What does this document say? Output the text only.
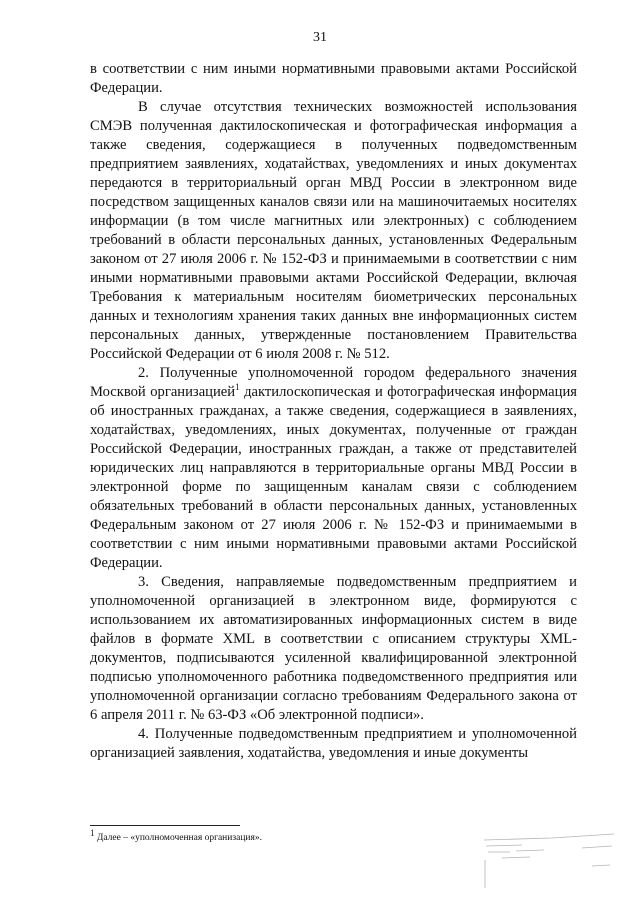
31

в соответствии с ним иными нормативными правовыми актами Российской Федерации.

В случае отсутствия технических возможностей использования СМЭВ полученная дактилоскопическая и фотографическая информация а также сведения, содержащиеся в полученных подведомственным предприятием заявлениях, ходатайствах, уведомлениях и иных документах передаются в территориальный орган МВД России в электронном виде посредством защищенных каналов связи или на машиночитаемых носителях информации (в том числе магнитных или электронных) с соблюдением требований в области персональных данных, установленных Федеральным законом от 27 июля 2006 г. № 152-ФЗ и принимаемыми в соответствии с ним иными нормативными правовыми актами Российской Федерации, включая Требования к материальным носителям биометрических персональных данных и технологиям хранения таких данных вне информационных систем персональных данных, утвержденные постановлением Правительства Российской Федерации от 6 июля 2008 г. № 512.

2. Полученные уполномоченной городом федерального значения Москвой организацией$^1$ дактилоскопическая и фотографическая информация об иностранных гражданах, а также сведения, содержащиеся в заявлениях, ходатайствах, уведомлениях, иных документах, полученные от граждан Российской Федерации, иностранных граждан, а также от представителей юридических лиц направляются в территориальные органы МВД России в электронной форме по защищенным каналам связи с соблюдением обязательных требований в области персональных данных, установленных Федеральным законом от 27 июля 2006 г. № 152-ФЗ и принимаемыми в соответствии с ним иными нормативными правовыми актами Российской Федерации.

3. Сведения, направляемые подведомственным предприятием и уполномоченной организацией в электронном виде, формируются с использованием их автоматизированных информационных систем в виде файлов в формате XML в соответствии с описанием структуры XML-документов, подписываются усиленной квалифицированной электронной подписью уполномоченного работника подведомственного предприятия или уполномоченной организации согласно требованиям Федерального закона от 6 апреля 2011 г. № 63-ФЗ «Об электронной подписи».

4. Полученные подведомственным предприятием и уполномоченной организацией заявления, ходатайства, уведомления и иные документы

1 Далее – «уполномоченная организация».
